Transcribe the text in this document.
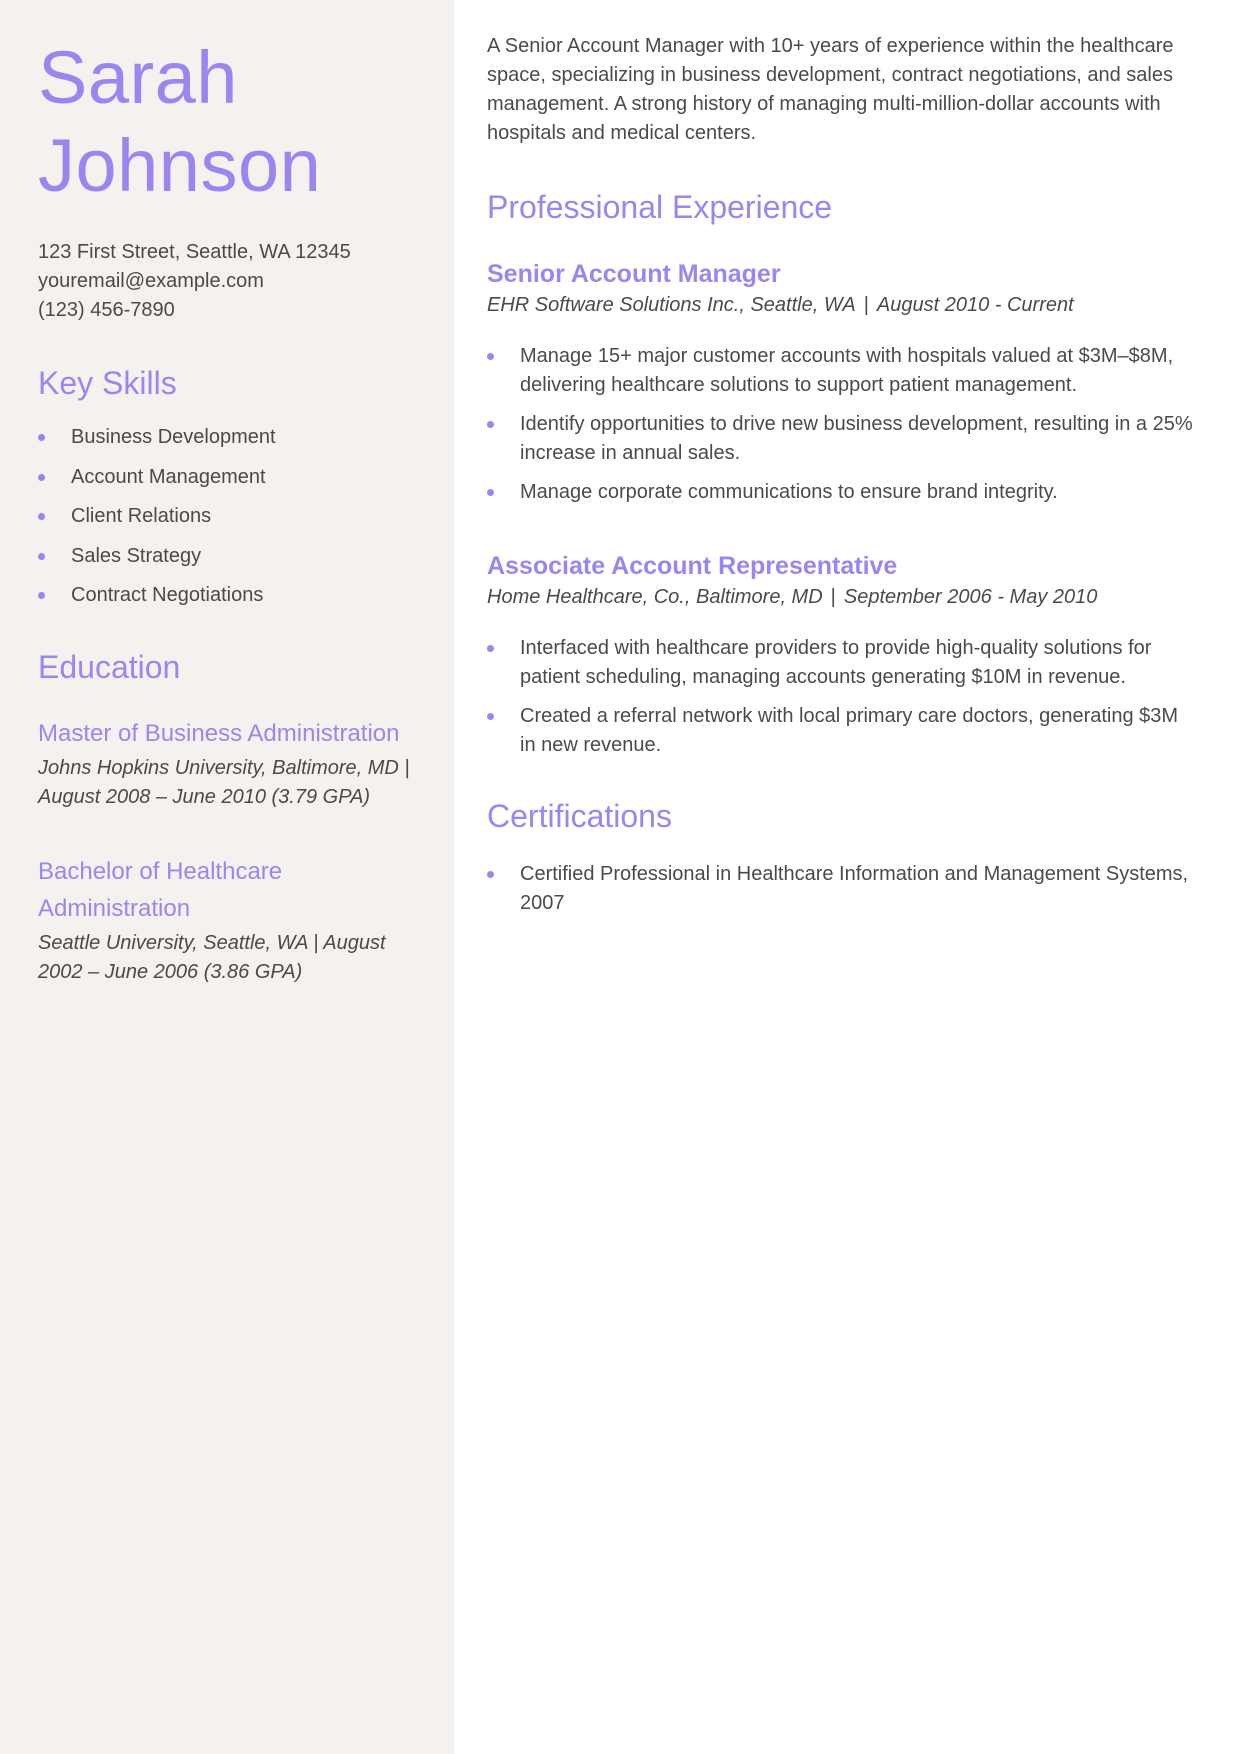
Sarah
Johnson
123 First Street, Seattle, WA 12345
youremail@example.com
(123) 456-7890
Key Skills
Business Development
Account Management
Client Relations
Sales Strategy
Contract Negotiations
Education
Master of Business Administration
Johns Hopkins University, Baltimore, MD | August 2008 – June 2010 (3.79 GPA)
Bachelor of Healthcare Administration
Seattle University, Seattle, WA | August 2002 – June 2006 (3.86 GPA)

A Senior Account Manager with 10+ years of experience within the healthcare space, specializing in business development, contract negotiations, and sales management. A strong history of managing multi-million-dollar accounts with hospitals and medical centers.

Professional Experience
Senior Account Manager
EHR Software Solutions Inc., Seattle, WA | August 2010 - Current
Manage 15+ major customer accounts with hospitals valued at $3M–$8M, delivering healthcare solutions to support patient management.
Identify opportunities to drive new business development, resulting in a 25% increase in annual sales.
Manage corporate communications to ensure brand integrity.
Associate Account Representative
Home Healthcare, Co., Baltimore, MD | September 2006 - May 2010
Interfaced with healthcare providers to provide high-quality solutions for patient scheduling, managing accounts generating $10M in revenue.
Created a referral network with local primary care doctors, generating $3M in new revenue.
Certifications
Certified Professional in Healthcare Information and Management Systems, 2007
